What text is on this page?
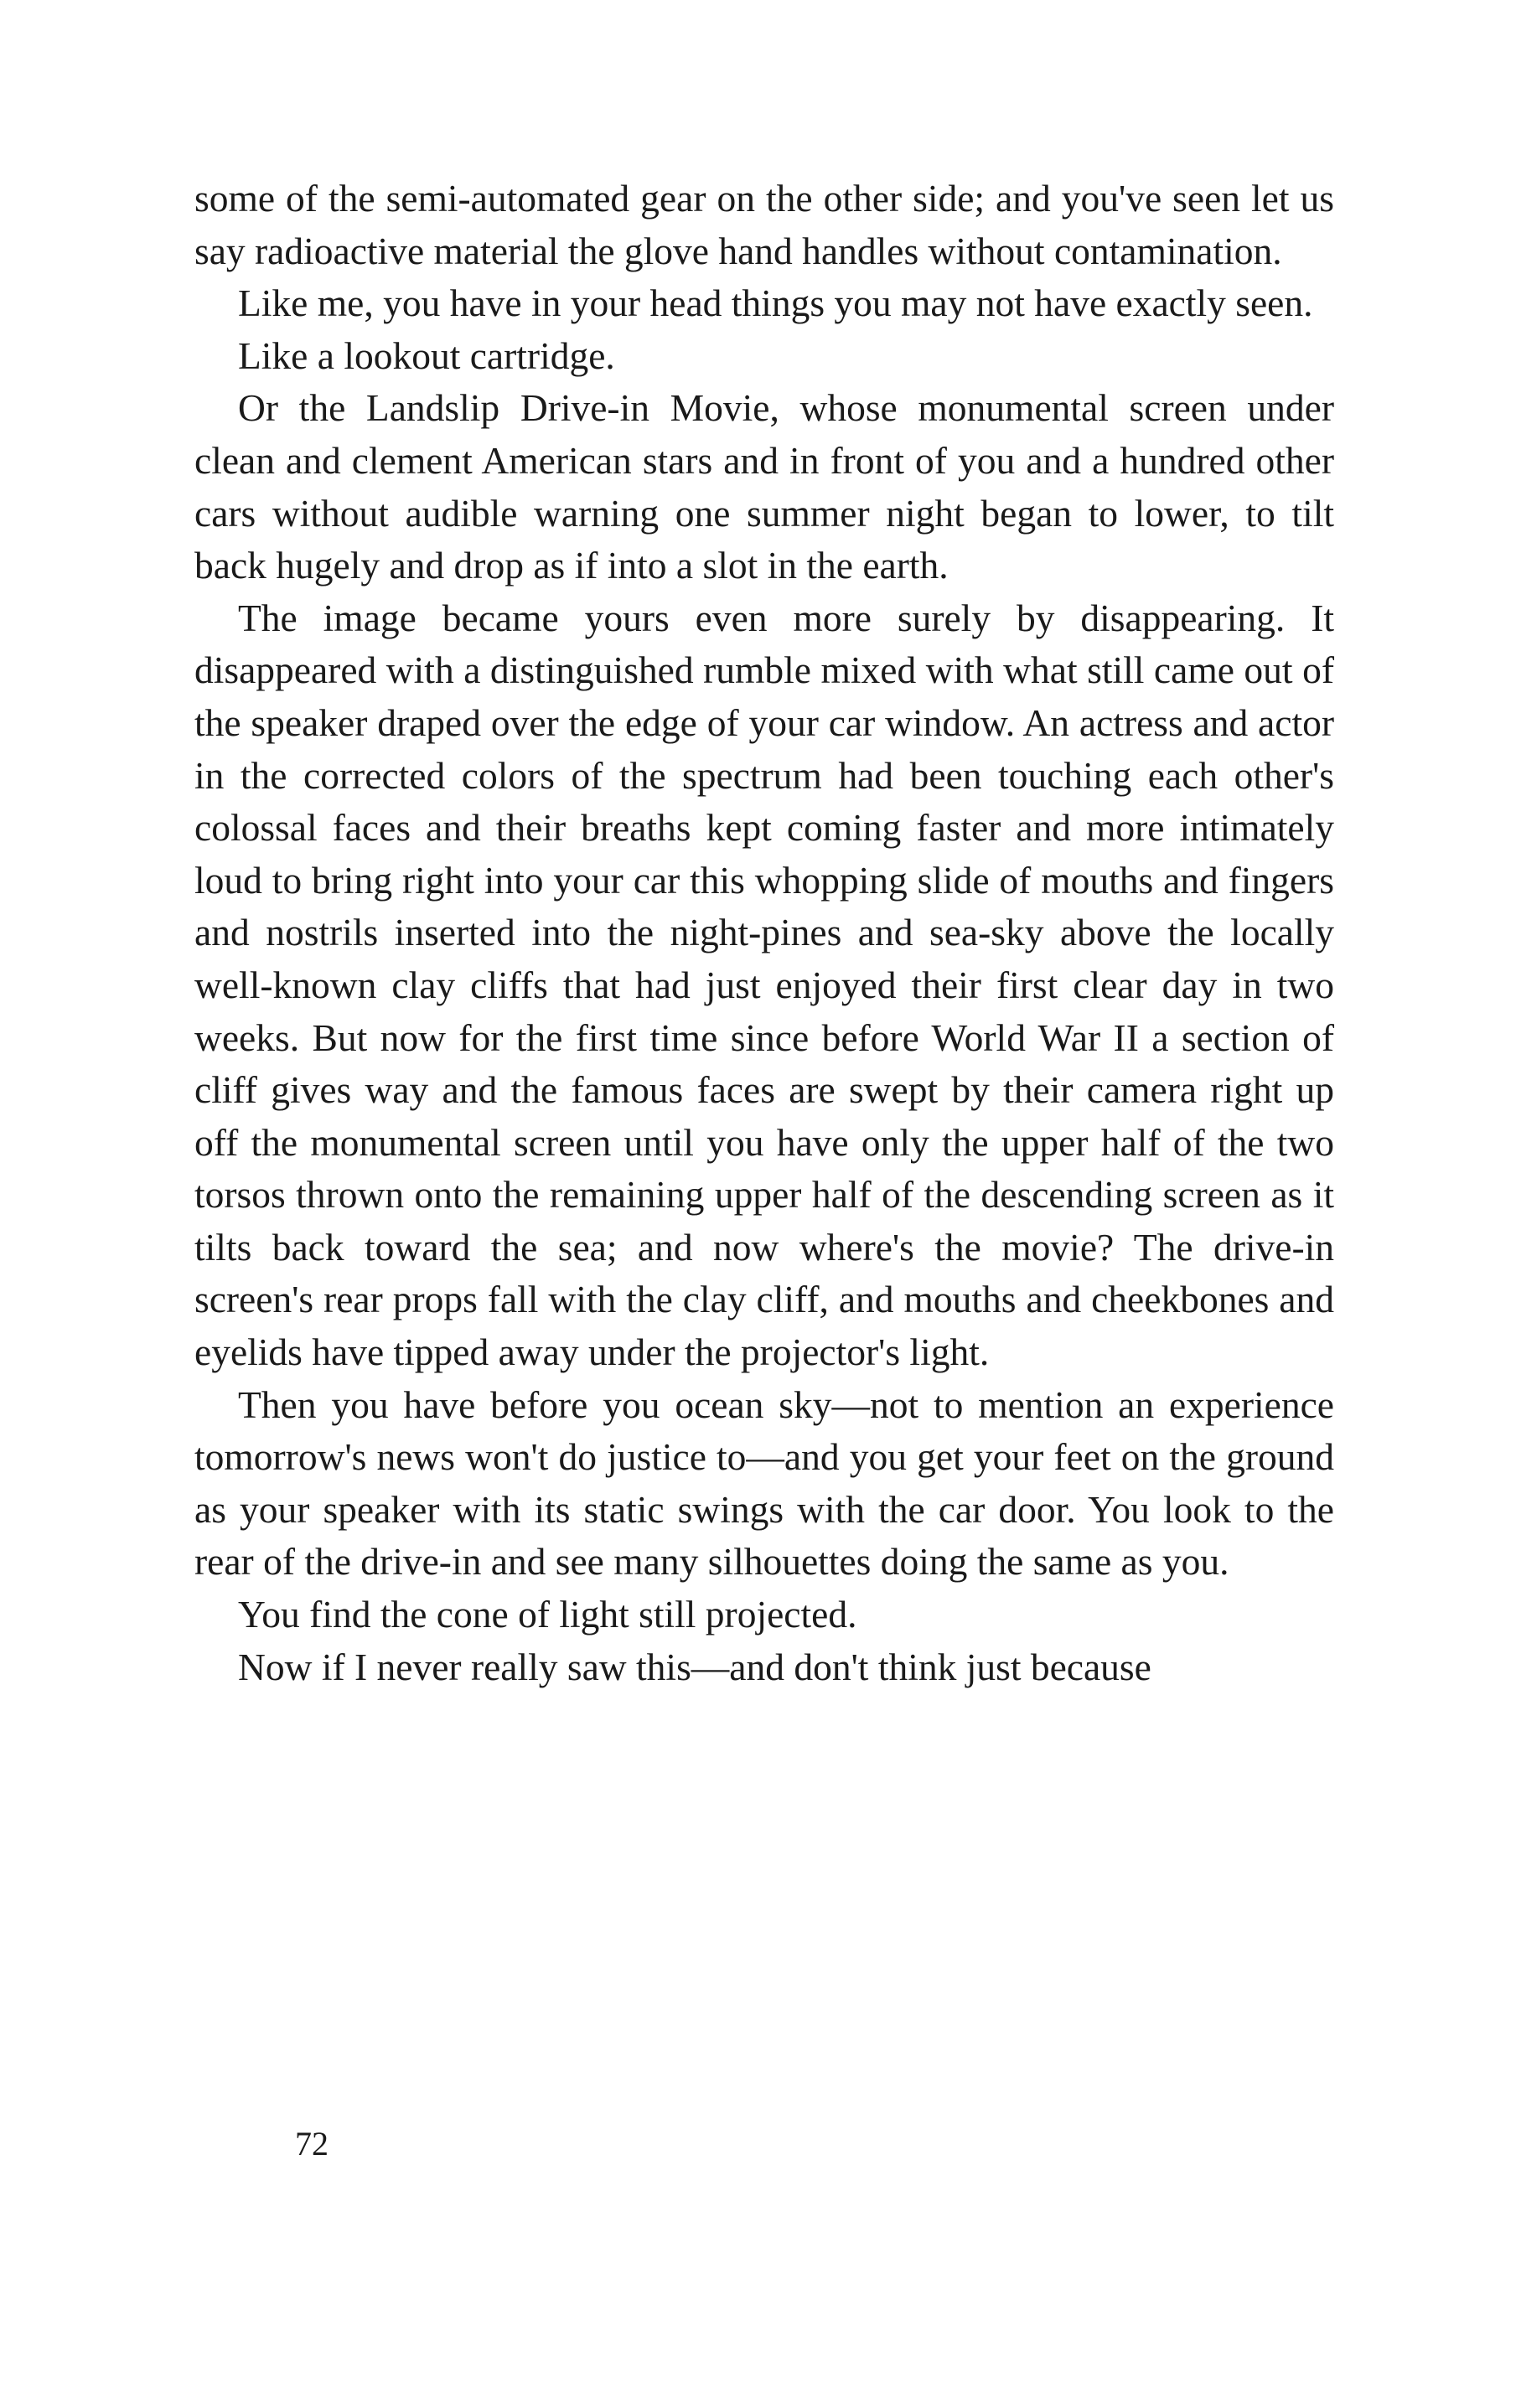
some of the semi-automated gear on the other side; and you've seen let us say radioactive material the glove hand handles without contamination.

Like me, you have in your head things you may not have exactly seen.

Like a lookout cartridge.

Or the Landslip Drive-in Movie, whose monumental screen under clean and clement American stars and in front of you and a hundred other cars without audible warning one summer night began to lower, to tilt back hugely and drop as if into a slot in the earth.

The image became yours even more surely by disappearing. It disappeared with a distinguished rumble mixed with what still came out of the speaker draped over the edge of your car window. An actress and actor in the corrected colors of the spectrum had been touching each other's colossal faces and their breaths kept coming faster and more intimately loud to bring right into your car this whopping slide of mouths and fingers and nostrils inserted into the night-pines and sea-sky above the locally well-known clay cliffs that had just enjoyed their first clear day in two weeks. But now for the first time since before World War II a section of cliff gives way and the famous faces are swept by their camera right up off the monumental screen until you have only the upper half of the two torsos thrown onto the remaining upper half of the descending screen as it tilts back toward the sea; and now where's the movie? The drive-in screen's rear props fall with the clay cliff, and mouths and cheekbones and eyelids have tipped away under the projector's light.

Then you have before you ocean sky—not to mention an experience tomorrow's news won't do justice to—and you get your feet on the ground as your speaker with its static swings with the car door. You look to the rear of the drive-in and see many silhouettes doing the same as you.

You find the cone of light still projected.

Now if I never really saw this—and don't think just because

72
